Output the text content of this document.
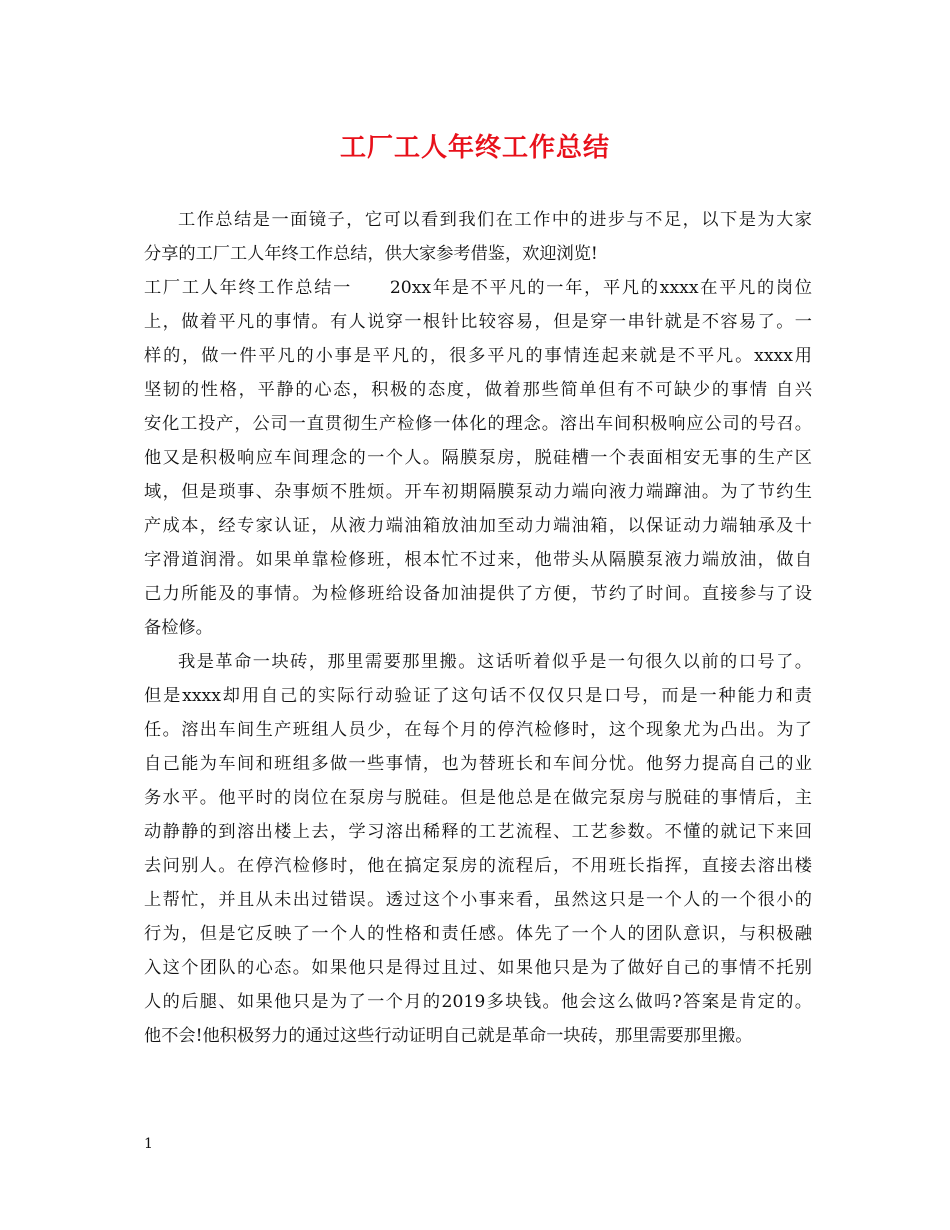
工厂工人年终工作总结
工作总结是一面镜子，它可以看到我们在工作中的进步与不足，以下是为大家
分享的工厂工人年终工作总结，供大家参考借鉴，欢迎浏览!
工厂工人年终工作总结一　　20xx年是不平凡的一年，平凡的xxxx在平凡的岗位
上，做着平凡的事情。有人说穿一根针比较容易，但是穿一串针就是不容易了。一
样的，做一件平凡的小事是平凡的，很多平凡的事情连起来就是不平凡。xxxx用
坚韧的性格，平静的心态，积极的态度，做着那些简单但有不可缺少的事情 自兴
安化工投产，公司一直贯彻生产检修一体化的理念。溶出车间积极响应公司的号召。
他又是积极响应车间理念的一个人。隔膜泵房，脱硅槽一个表面相安无事的生产区
域，但是琐事、杂事烦不胜烦。开车初期隔膜泵动力端向液力端蹿油。为了节约生
产成本，经专家认证，从液力端油箱放油加至动力端油箱，以保证动力端轴承及十
字滑道润滑。如果单靠检修班，根本忙不过来，他带头从隔膜泵液力端放油，做自
己力所能及的事情。为检修班给设备加油提供了方便，节约了时间。直接参与了设
备检修。
我是革命一块砖，那里需要那里搬。这话听着似乎是一句很久以前的口号了。
但是xxxx却用自己的实际行动验证了这句话不仅仅只是口号，而是一种能力和责
任。溶出车间生产班组人员少，在每个月的停汽检修时，这个现象尤为凸出。为了
自己能为车间和班组多做一些事情，也为替班长和车间分忧。他努力提高自己的业
务水平。他平时的岗位在泵房与脱硅。但是他总是在做完泵房与脱硅的事情后，主
动静静的到溶出楼上去，学习溶出稀释的工艺流程、工艺参数。不懂的就记下来回
去问别人。在停汽检修时，他在搞定泵房的流程后，不用班长指挥，直接去溶出楼
上帮忙，并且从未出过错误。透过这个小事来看，虽然这只是一个人的一个很小的
行为，但是它反映了一个人的性格和责任感。体先了一个人的团队意识，与积极融
入这个团队的心态。如果他只是得过且过、如果他只是为了做好自己的事情不托别
人的后腿、如果他只是为了一个月的2019多块钱。他会这么做吗?答案是肯定的。
他不会!他积极努力的通过这些行动证明自己就是革命一块砖，那里需要那里搬。
1
